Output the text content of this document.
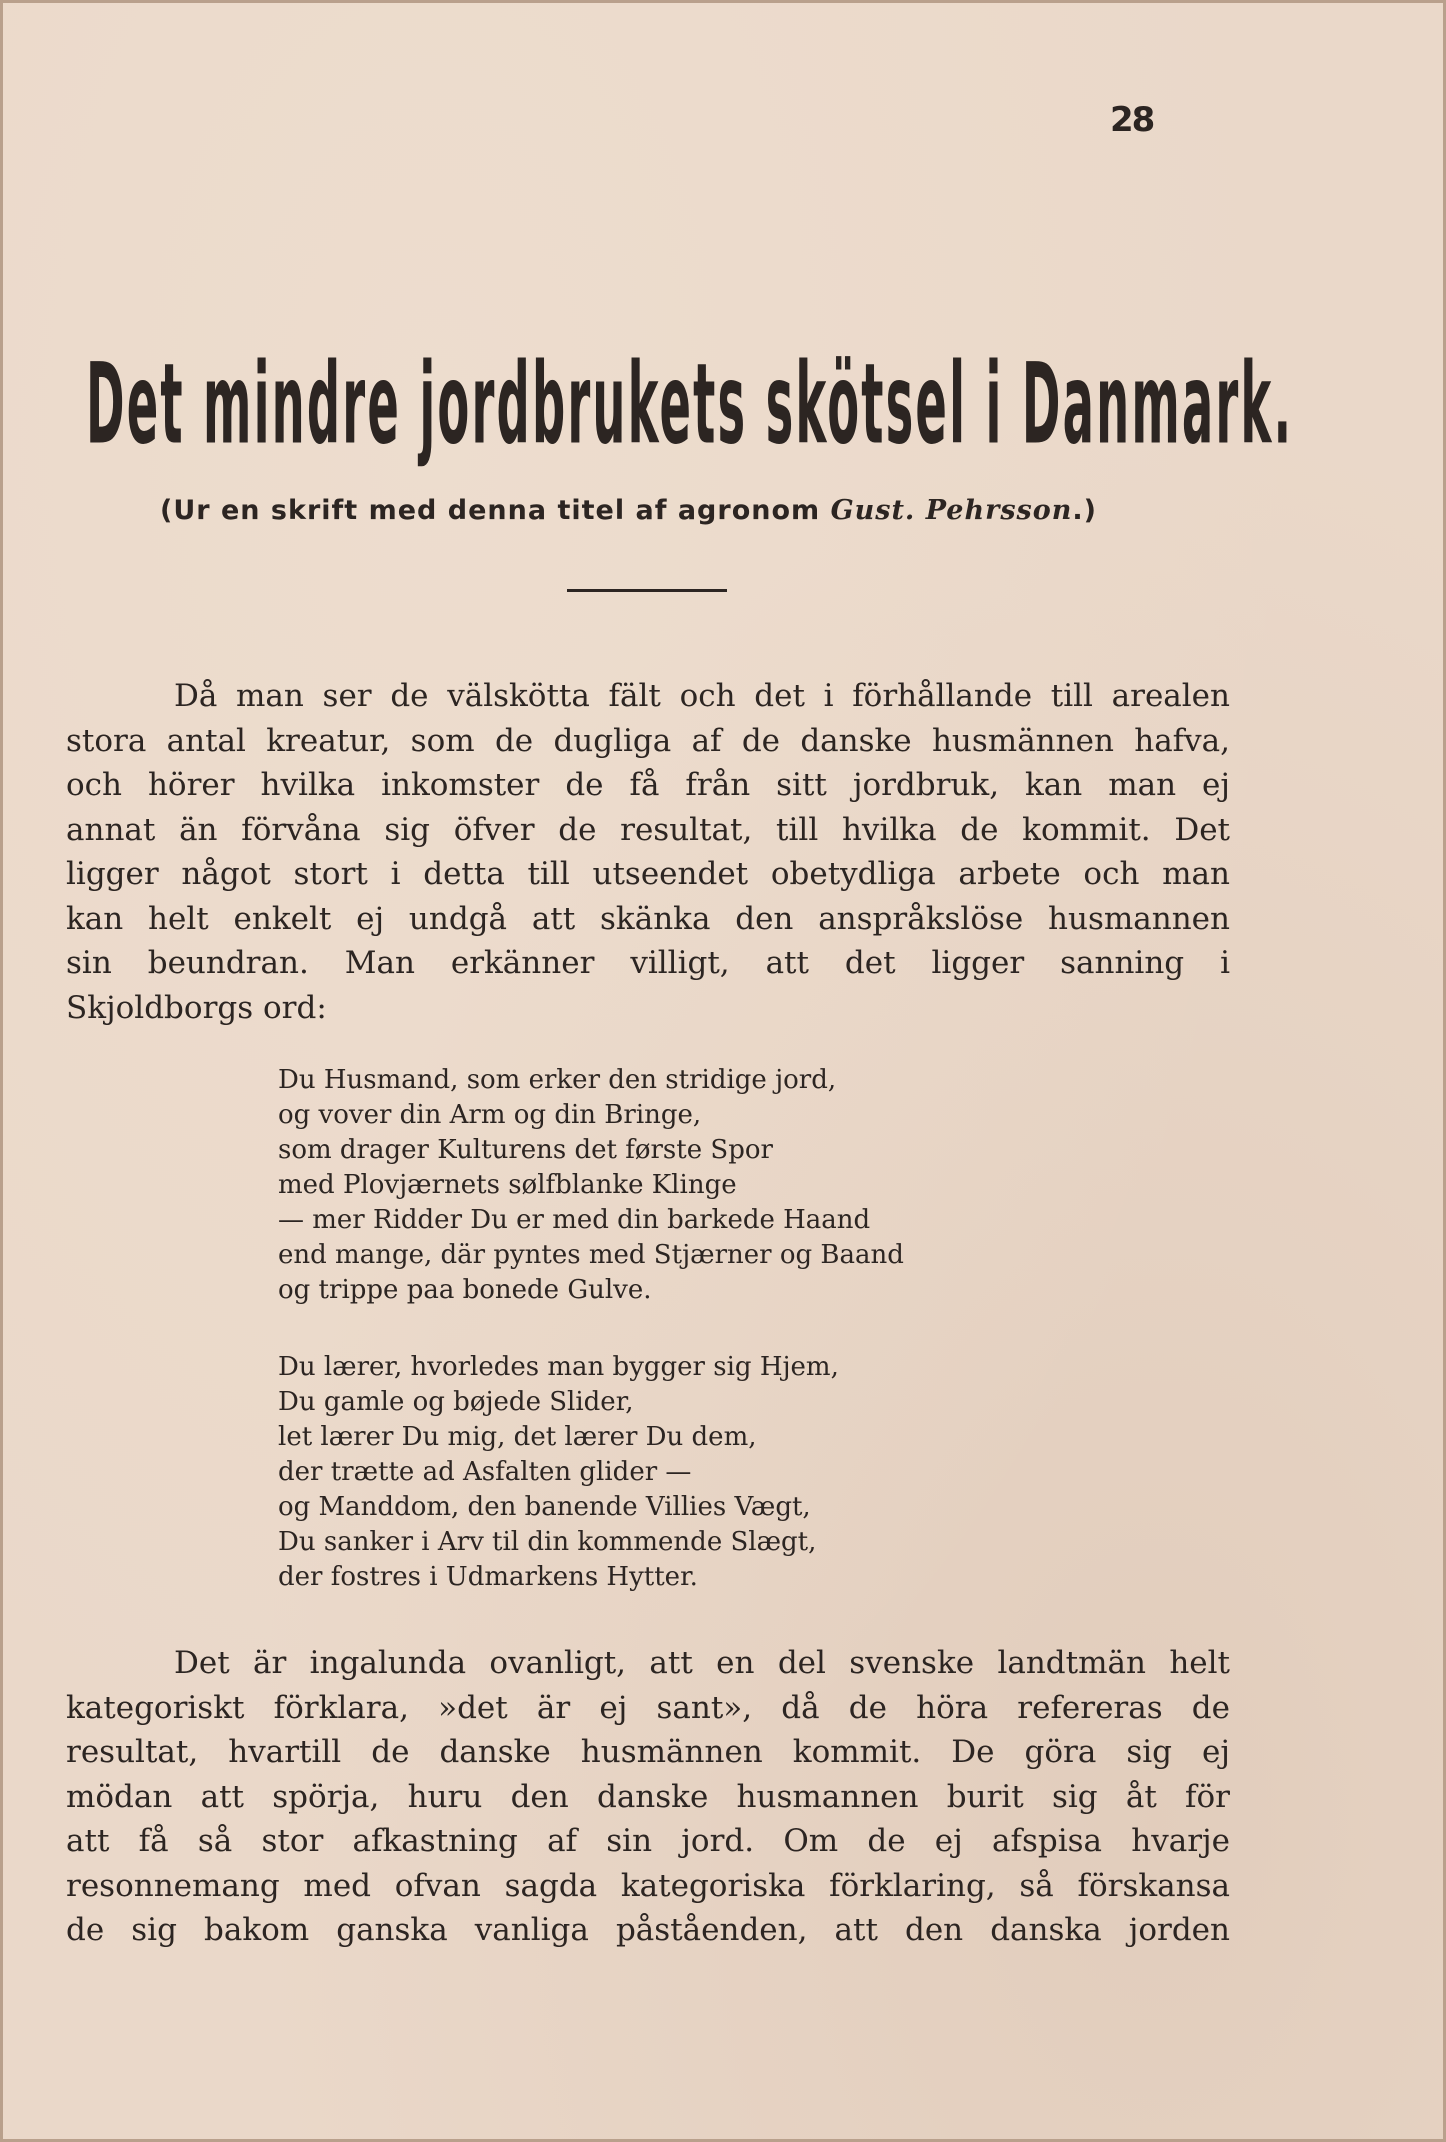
28
Det mindre jordbrukets skötsel i Danmark.

(Ur en skrift med denna titel af agronom Gust. Pehrsson.)

Då man ser de välskötta fält och det i förhållande till arealen
stora antal kreatur, som de dugliga af de danske husmännen hafva,
och hörer hvilka inkomster de få från sitt jordbruk, kan man ej
annat än förvåna sig öfver de resultat, till hvilka de kommit. Det
ligger något stort i detta till utseendet obetydliga arbete och man
kan helt enkelt ej undgå att skänka den anspråkslöse husmannen
sin beundran. Man erkänner villigt, att det ligger sanning i
Skjoldborgs ord:

Du Husmand, som erker den stridige jord,
og vover din Arm og din Bringe,
som drager Kulturens det første Spor
med Plovjærnets sølfblanke Klinge
— mer Ridder Du er med din barkede Haand
end mange, där pyntes med Stjærner og Baand
og trippe paa bonede Gulve.
Du lærer, hvorledes man bygger sig Hjem,
Du gamle og bøjede Slider,
let lærer Du mig, det lærer Du dem,
der trætte ad Asfalten glider —
og Manddom, den banende Villies Vægt,
Du sanker i Arv til din kommende Slægt,
der fostres i Udmarkens Hytter.

Det är ingalunda ovanligt, att en del svenske landtmän helt
kategoriskt förklara, »det är ej sant», då de höra refereras de
resultat, hvartill de danske husmännen kommit. De göra sig ej
mödan att spörja, huru den danske husmannen burit sig åt för
att få så stor afkastning af sin jord. Om de ej afspisa hvarje
resonnemang med ofvan sagda kategoriska förklaring, så förskansa
de sig bakom ganska vanliga påståenden, att den danska jorden
